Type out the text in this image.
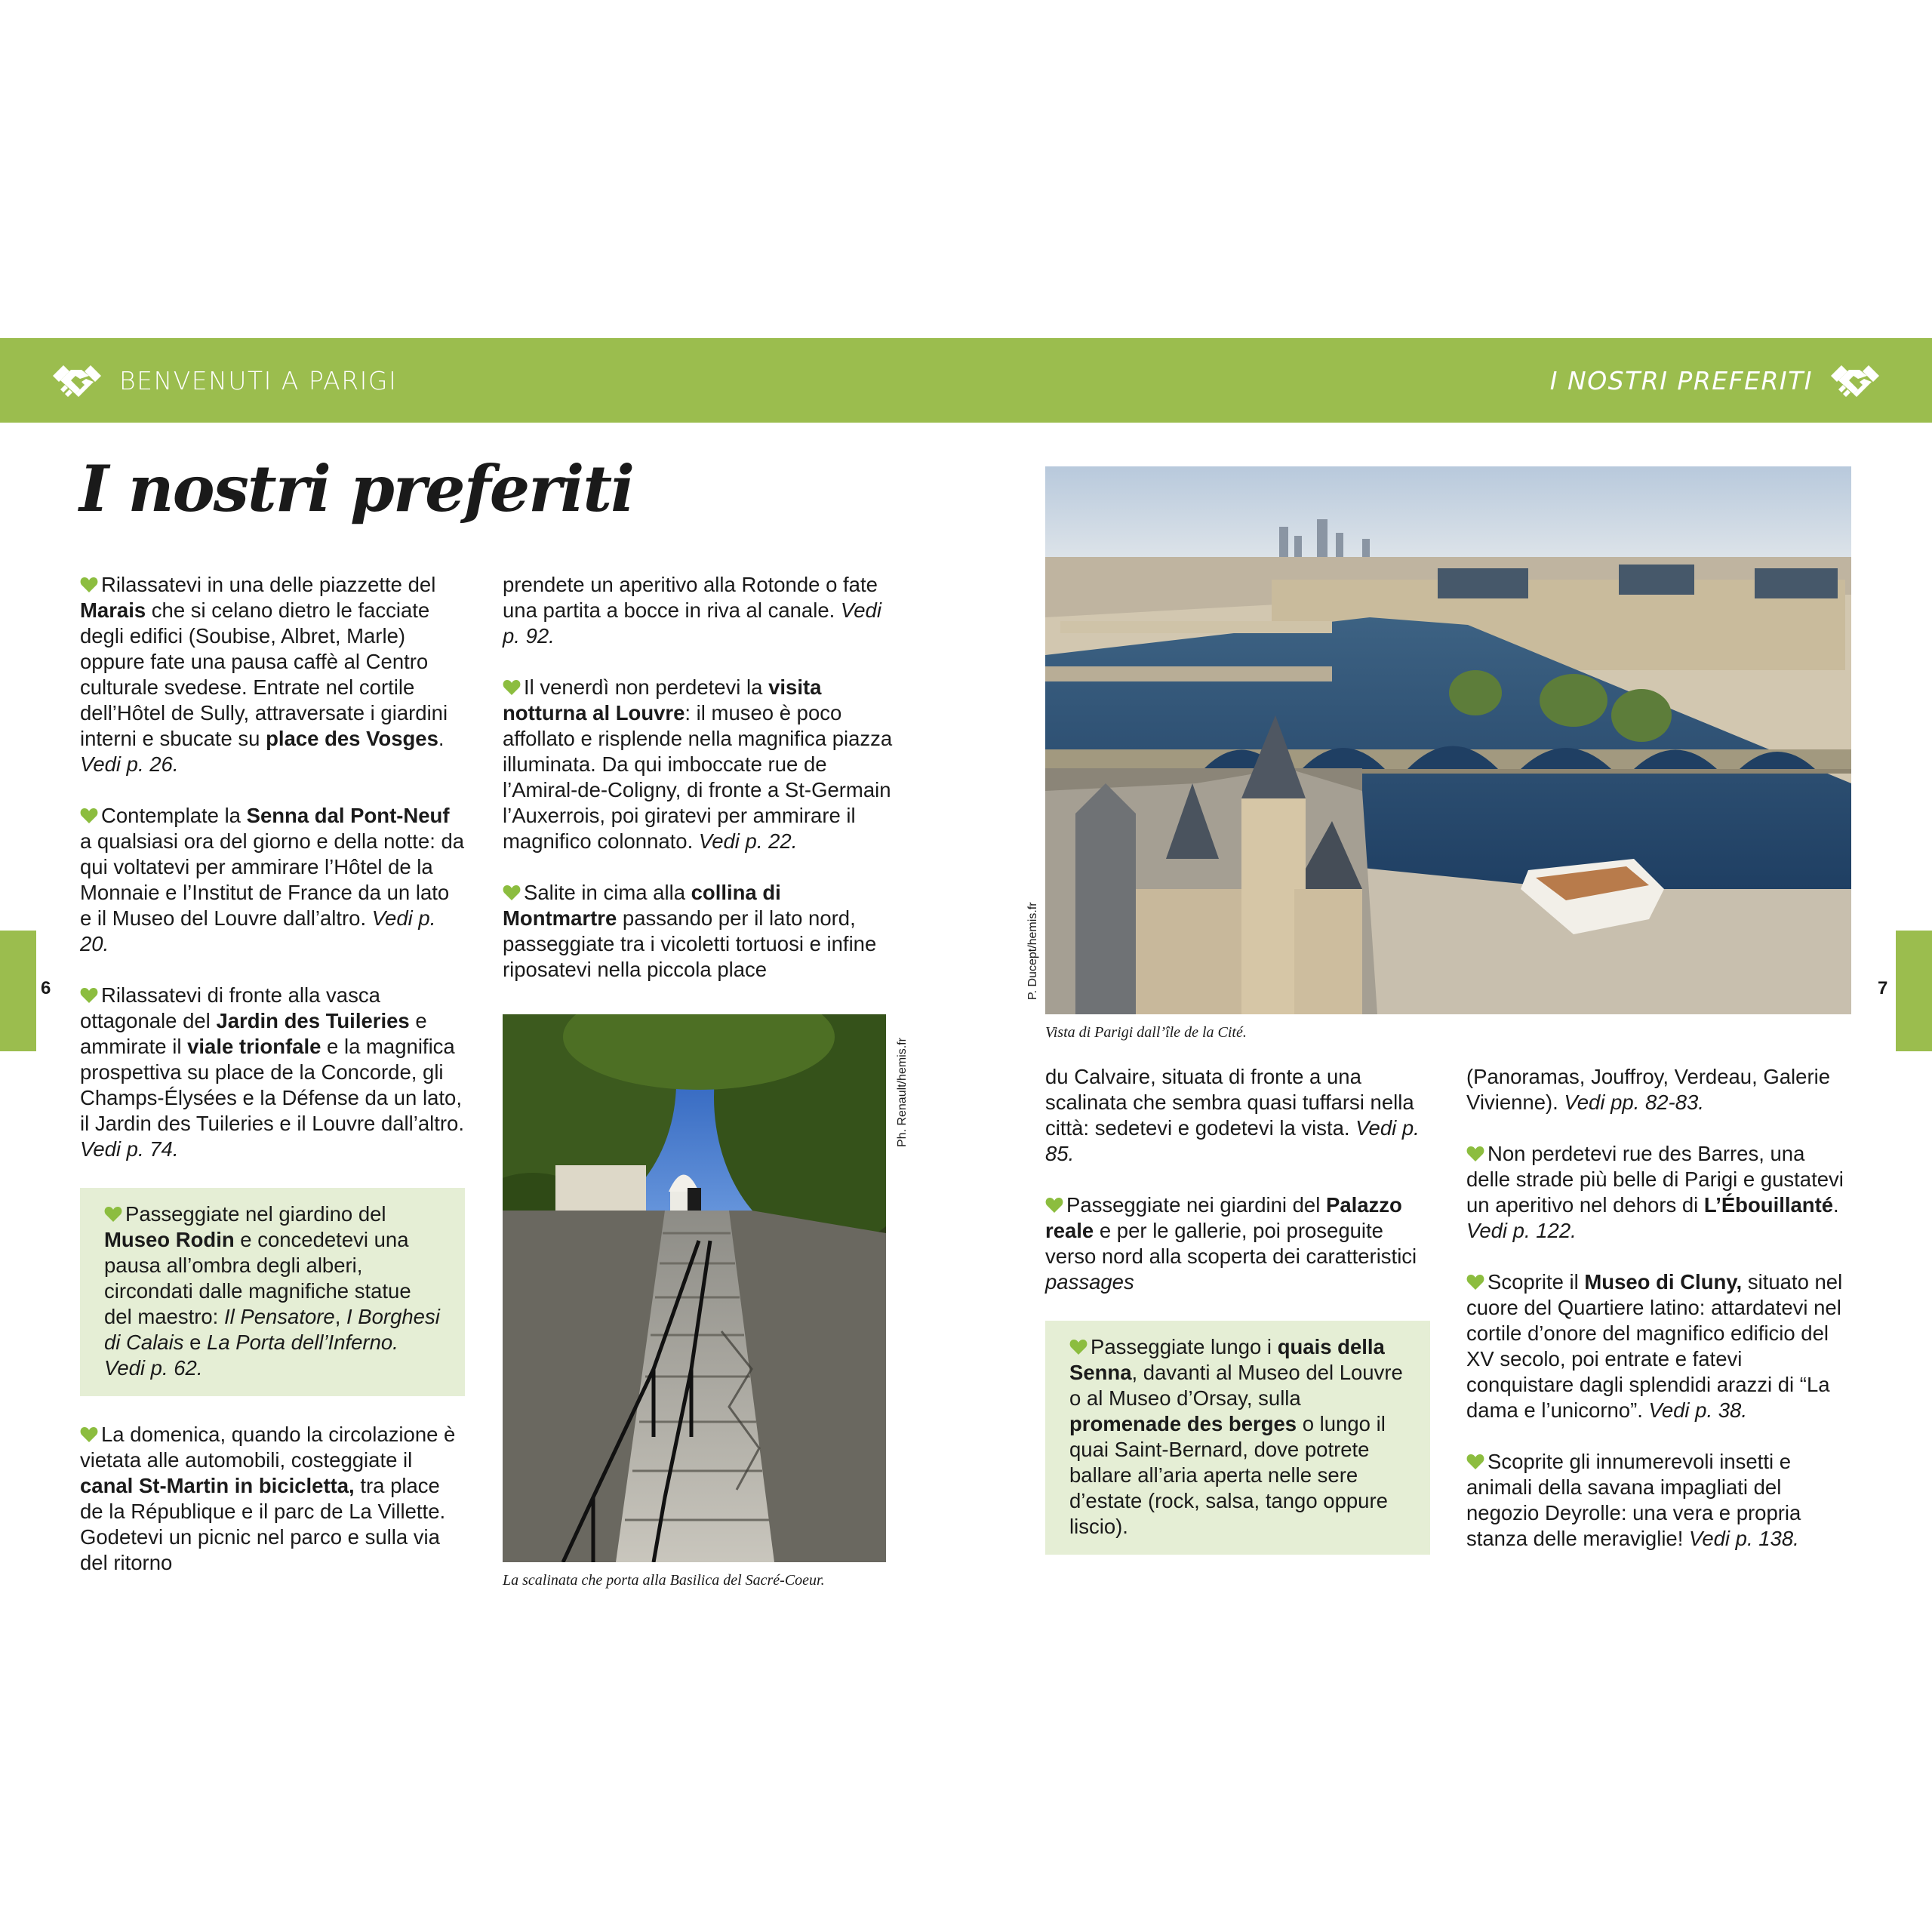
BENVENUTI A PARIGI	I NOSTRI PREFERITI
I nostri preferiti
6	7

Rilassatevi in una delle piazzette del Marais che si celano dietro le facciate degli edifici (Soubise, Albret, Marle) oppure fate una pausa caffè al Centro culturale svedese. Entrate nel cortile dell’Hôtel de Sully, attraversate i giardini interni e sbucate su place des Vosges. Vedi p. 26.

Contemplate la Senna dal Pont-Neuf a qualsiasi ora del giorno e della notte: da qui voltatevi per ammirare l’Hôtel de la Monnaie e l’Institut de France da un lato e il Museo del Louvre dall’altro. Vedi p. 20.

Rilassatevi di fronte alla vasca ottagonale del Jardin des Tuileries e ammirate il viale trionfale e la magnifica prospettiva su place de la Concorde, gli Champs-Élysées e la Défense da un lato, il Jardin des Tuileries e il Louvre dall’altro. Vedi p. 74.

Passeggiate nel giardino del Museo Rodin e concedetevi una pausa all’ombra degli alberi, circondati dalle magnifiche statue del maestro: Il Pensatore, I Borghesi di Calais e La Porta dell’Inferno. Vedi p. 62.

La domenica, quando la circolazione è vietata alle automobili, costeggiate il canal St-Martin in bicicletta, tra place de la République e il parc de La Villette. Godetevi un picnic nel parco e sulla via del ritorno

prendete un aperitivo alla Rotonde o fate una partita a bocce in riva al canale. Vedi p. 92.

Il venerdì non perdetevi la visita notturna al Louvre: il museo è poco affollato e risplende nella magnifica piazza illuminata. Da qui imboccate rue de l’Amiral-de-Coligny, di fronte a St-Germain l’Auxerrois, poi giratevi per ammirare il magnifico colonnato. Vedi p. 22.

Salite in cima alla collina di Montmartre passando per il lato nord, passeggiate tra i vicoletti tortuosi e infine riposatevi nella piccola place

La scalinata che porta alla Basilica del Sacré-Coeur.
Ph. Renault/hemis.fr
Vista di Parigi dall’île de la Cité.
P. Ducept/hemis.fr

du Calvaire, situata di fronte a una scalinata che sembra quasi tuffarsi nella città: sedetevi e godetevi la vista. Vedi p. 85.

Passeggiate nei giardini del Palazzo reale e per le gallerie, poi proseguite verso nord alla scoperta dei caratteristici passages

Passeggiate lungo i quais della Senna, davanti al Museo del Louvre o al Museo d’Orsay, sulla promenade des berges o lungo il quai Saint-Bernard, dove potrete ballare all’aria aperta nelle sere d’estate (rock, salsa, tango oppure liscio).

(Panoramas, Jouffroy, Verdeau, Galerie Vivienne). Vedi pp. 82-83.

Non perdetevi rue des Barres, una delle strade più belle di Parigi e gustatevi un aperitivo nel dehors di L’Ébouillanté. Vedi p. 122.

Scoprite il Museo di Cluny, situato nel cuore del Quartiere latino: attardatevi nel cortile d’onore del magnifico edificio del XV secolo, poi entrate e fatevi conquistare dagli splendidi arazzi di “La dama e l’unicorno”. Vedi p. 38.

Scoprite gli innumerevoli insetti e animali della savana impagliati del negozio Deyrolle: una vera e propria stanza delle meraviglie! Vedi p. 138.
